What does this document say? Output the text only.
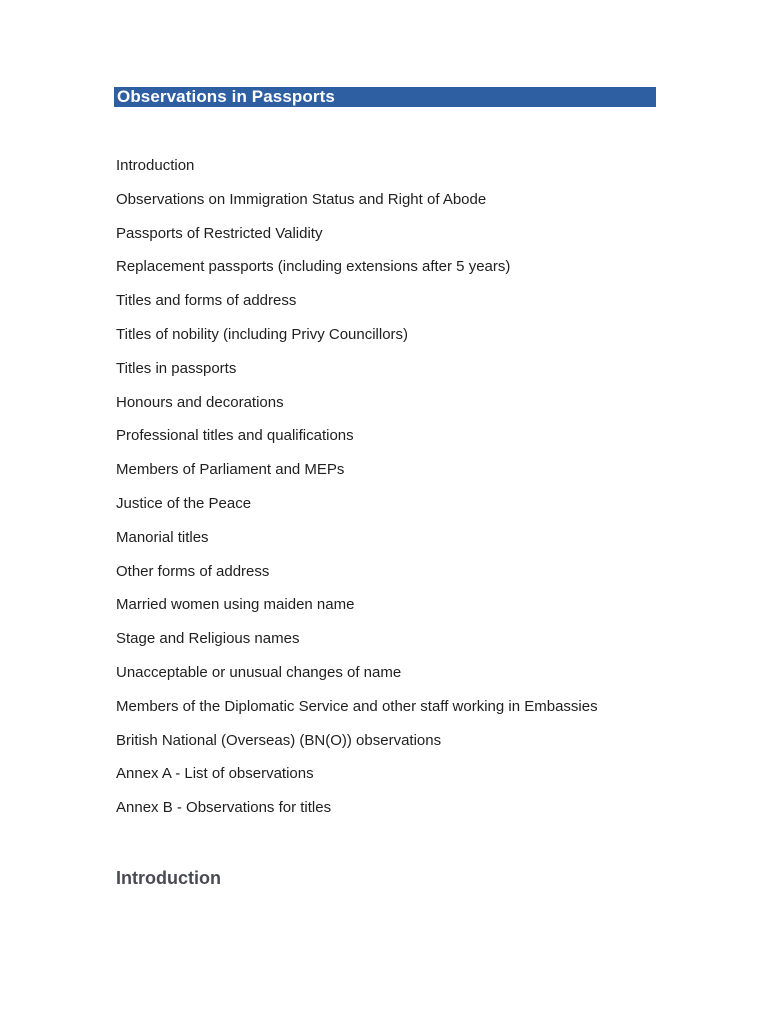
Observations in Passports
Introduction
Observations on Immigration Status and Right of Abode
Passports of Restricted Validity
Replacement passports (including extensions after 5 years)
Titles and forms of address
Titles of nobility (including Privy Councillors)
Titles in passports
Honours and decorations
Professional titles and qualifications
Members of Parliament and MEPs
Justice of the Peace
Manorial titles
Other forms of address
Married women using maiden name
Stage and Religious names
Unacceptable or unusual changes of name
Members of the Diplomatic Service and other staff working in Embassies
British National (Overseas) (BN(O)) observations
Annex A - List of observations
Annex B - Observations for titles
Introduction
